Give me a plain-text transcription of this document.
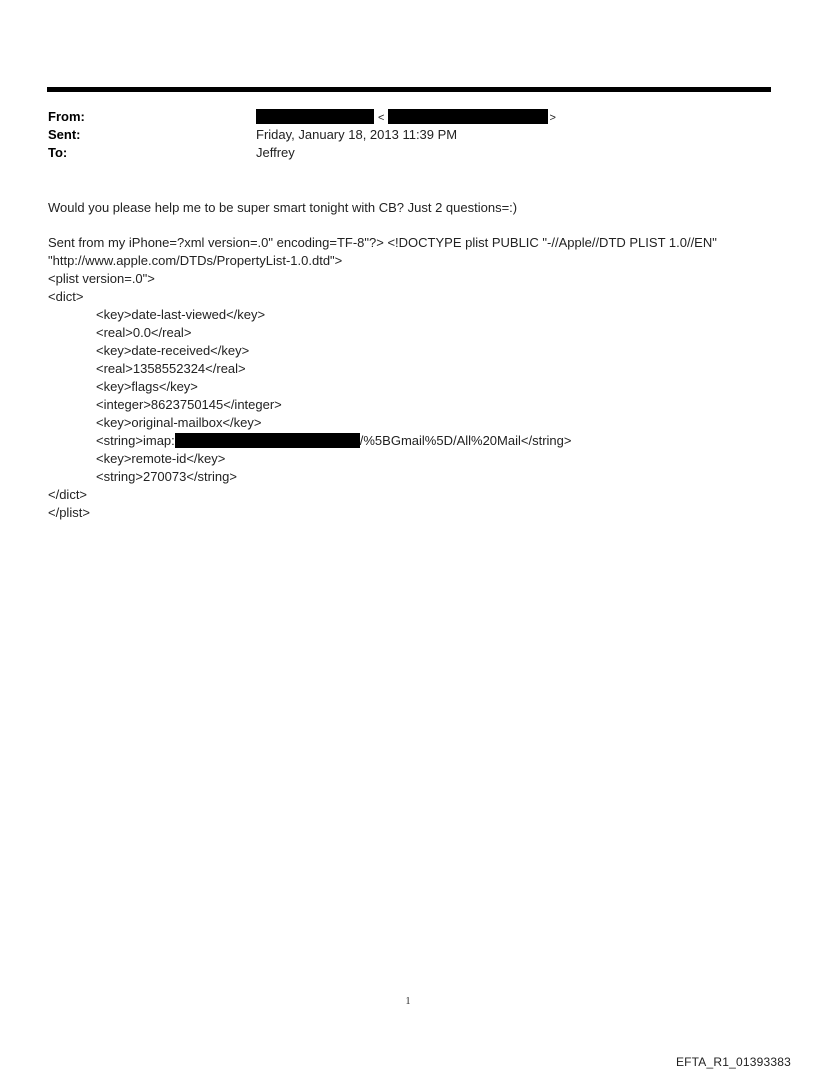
From:	<	>
Sent:	Friday, January 18, 2013 11:39 PM
To:	Jeffrey
Would you please help me to be super smart tonight with CB? Just 2 questions=:)
Sent from my iPhone=?xml version=.0" encoding=TF-8"?> <!DOCTYPE plist PUBLIC "-//Apple//DTD PLIST 1.0//EN"
"http://www.apple.com/DTDs/PropertyList-1.0.dtd">
<plist version=.0">
<dict>
<key>date-last-viewed</key>
<real>0.0</real>
<key>date-received</key>
<real>1358552324</real>
<key>flags</key>
<integer>8623750145</integer>
<key>original-mailbox</key>
<string>imap:	/%5BGmail%5D/All%20Mail</string>
<key>remote-id</key>
<string>270073</string>
</dict>
</plist>
1
EFTA_R1_01393383
